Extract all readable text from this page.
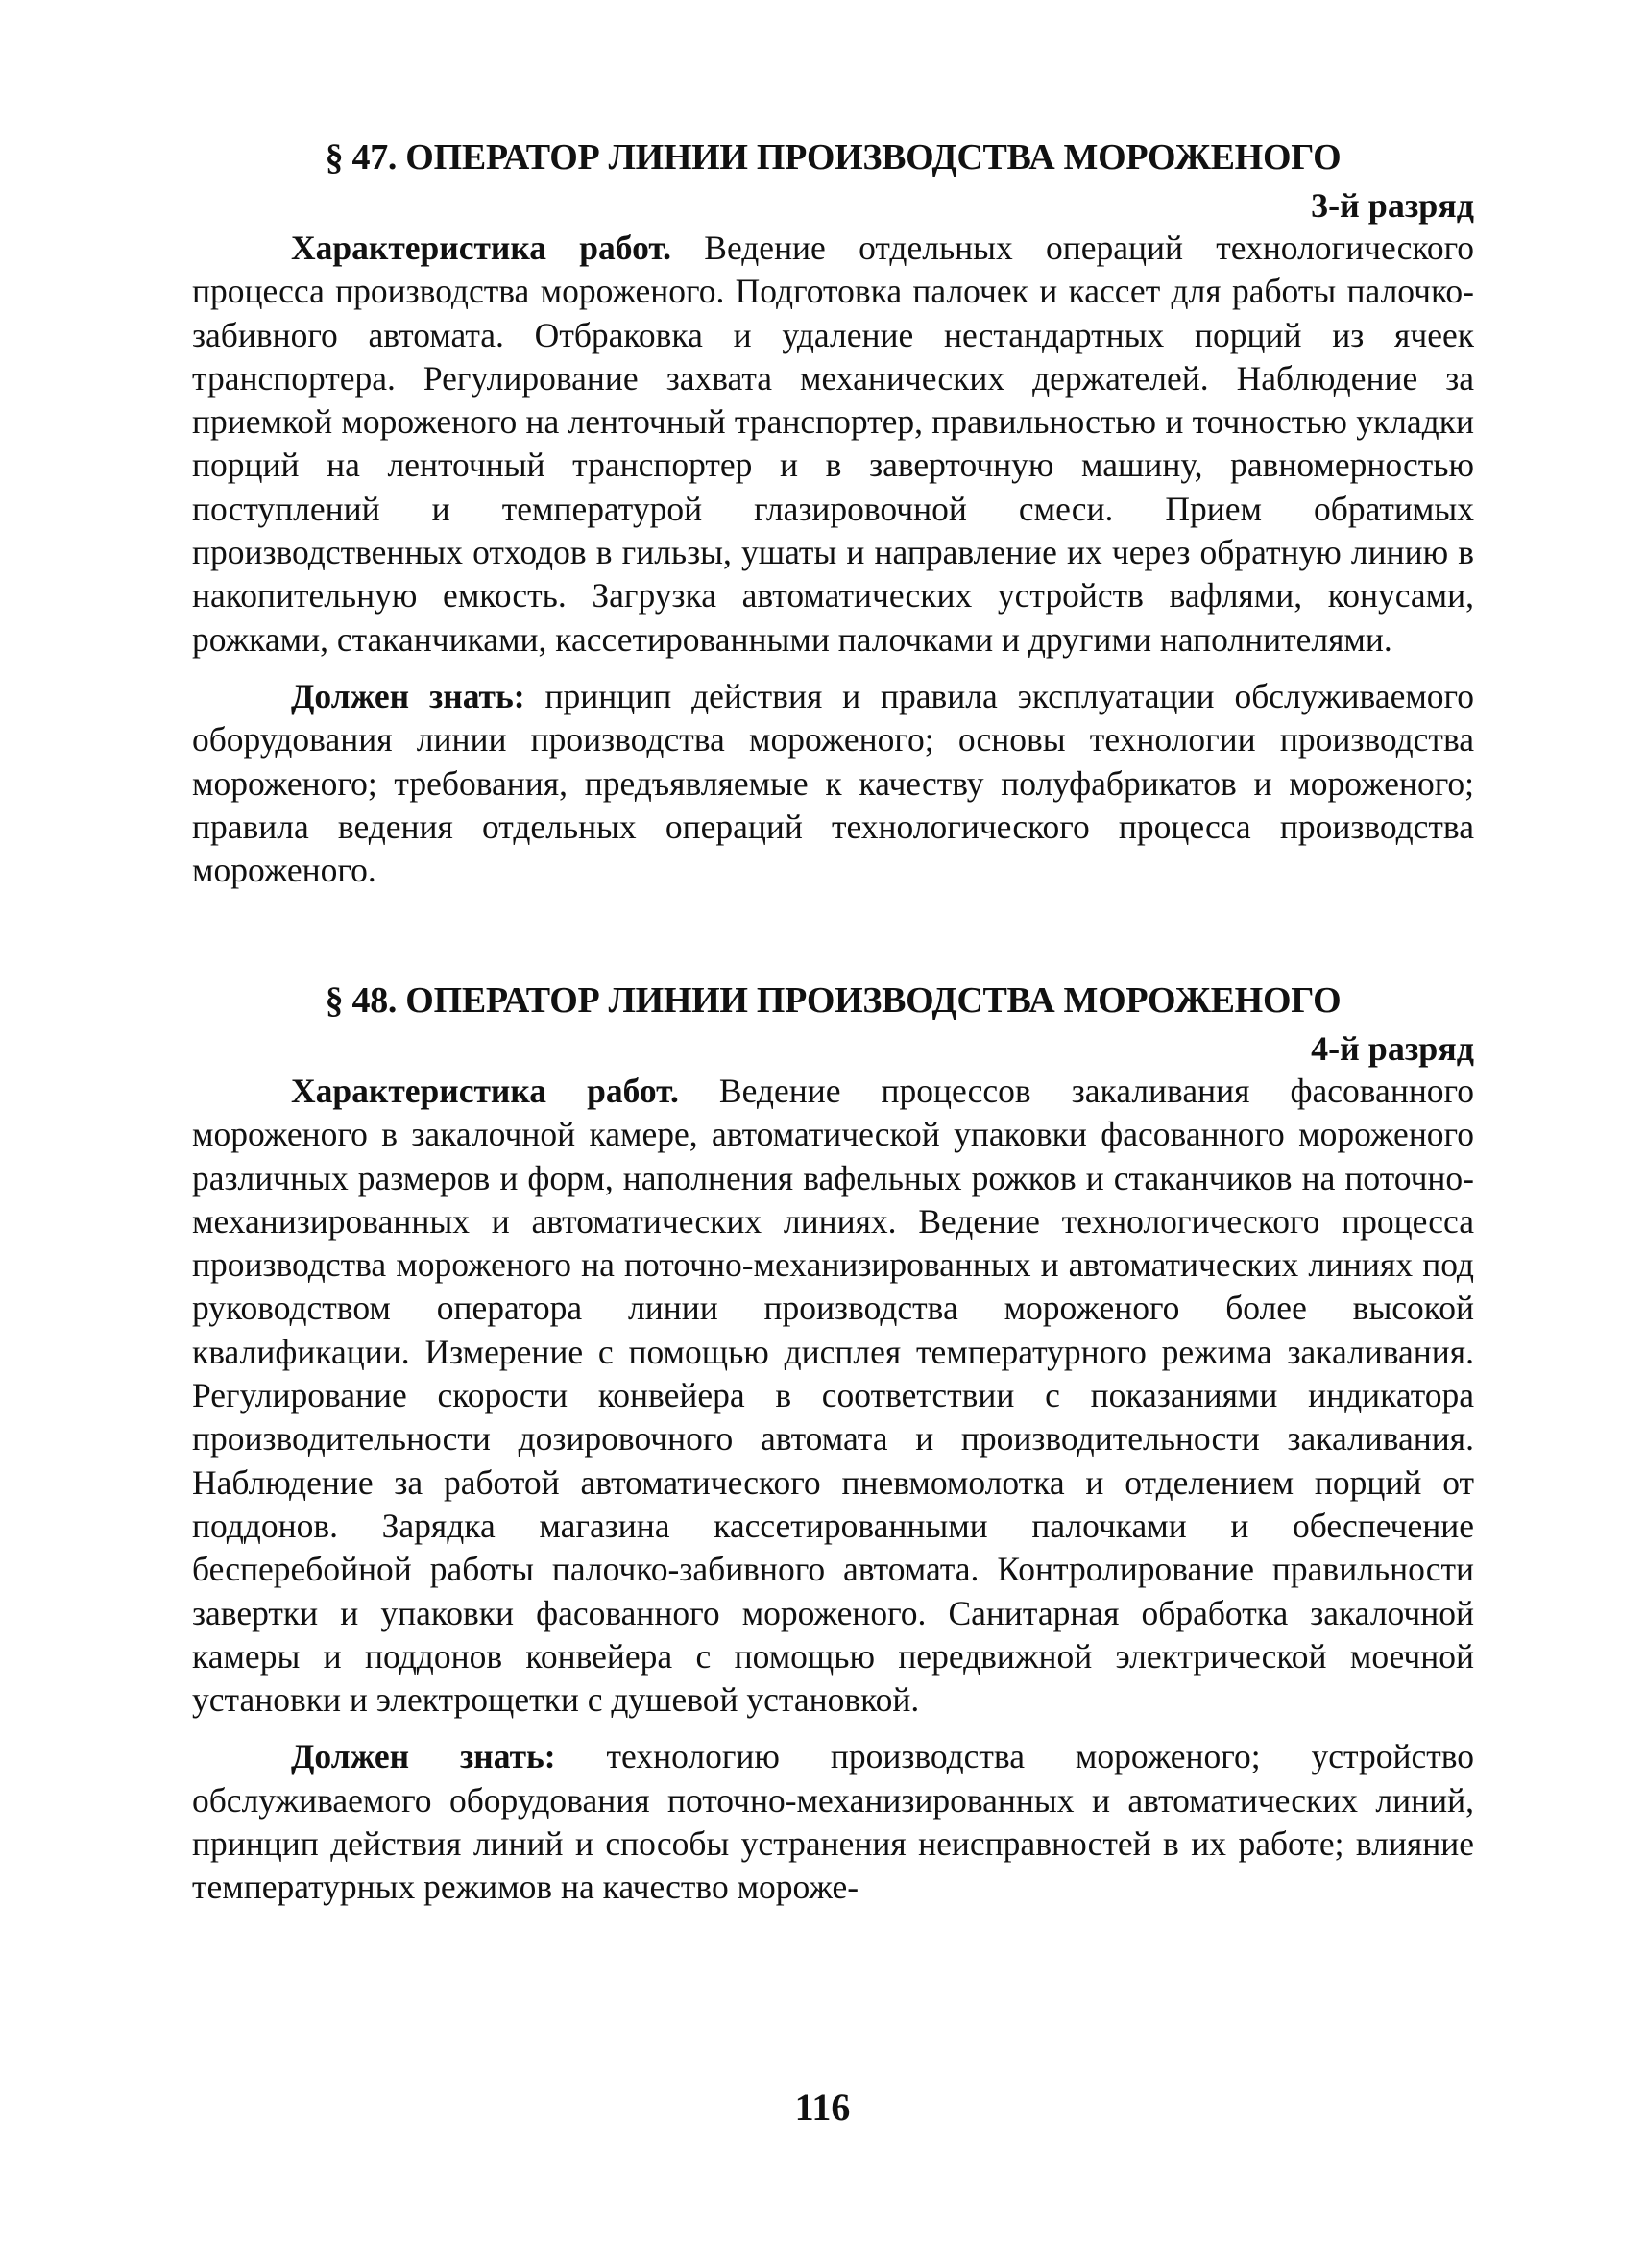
§ 47. ОПЕРАТОР ЛИНИИ ПРОИЗВОДСТВА МОРОЖЕНОГО
3-й разряд

Характеристика работ. Ведение отдельных операций технологического процесса производства мороженого. Подготовка палочек и кассет для работы палочко-забивного автомата. Отбраковка и удаление нестандартных порций из ячеек транспортера. Регулирование захвата механических держателей. Наблюдение за приемкой мороженого на ленточный транспортер, правильностью и точностью укладки порций на ленточный транспортер и в заверточную машину, равномерностью поступлений и температурой глазировочной смеси. Прием обратимых производственных отходов в гильзы, ушаты и направление их через обратную линию в накопительную емкость. Загрузка автоматических устройств вафлями, конусами, рожками, стаканчиками, кассетированными палочками и другими наполнителями.

Должен знать: принцип действия и правила эксплуатации обслуживаемого оборудования линии производства мороженого; основы технологии производства мороженого; требования, предъявляемые к качеству полуфабрикатов и мороженого; правила ведения отдельных операций технологического процесса производства мороженого.

§ 48. ОПЕРАТОР ЛИНИИ ПРОИЗВОДСТВА МОРОЖЕНОГО
4-й разряд

Характеристика работ. Ведение процессов закаливания фасованного мороженого в закалочной камере, автоматической упаковки фасованного мороженого различных размеров и форм, наполнения вафельных рожков и стаканчиков на поточно-механизированных и автоматических линиях. Ведение технологического процесса производства мороженого на поточно-механизированных и автоматических линиях под руководством оператора линии производства мороженого более высокой квалификации. Измерение с помощью дисплея температурного режима закаливания. Регулирование скорости конвейера в соответствии с показаниями индикатора производительности дозировочного автомата и производительности закаливания. Наблюдение за работой автоматического пневмомолотка и отделением порций от поддонов. Зарядка магазина кассетированными палочками и обеспечение бесперебойной работы палочко-забивного автомата. Контролирование правильности завертки и упаковки фасованного мороженого. Санитарная обработка закалочной камеры и поддонов конвейера с помощью передвижной электрической моечной установки и электрощетки с душевой установкой.

Должен знать: технологию производства мороженого; устройство обслуживаемого оборудования поточно-механизированных и автоматических линий, принцип действия линий и способы устранения неисправностей в их работе; влияние температурных режимов на качество мороже-

116
